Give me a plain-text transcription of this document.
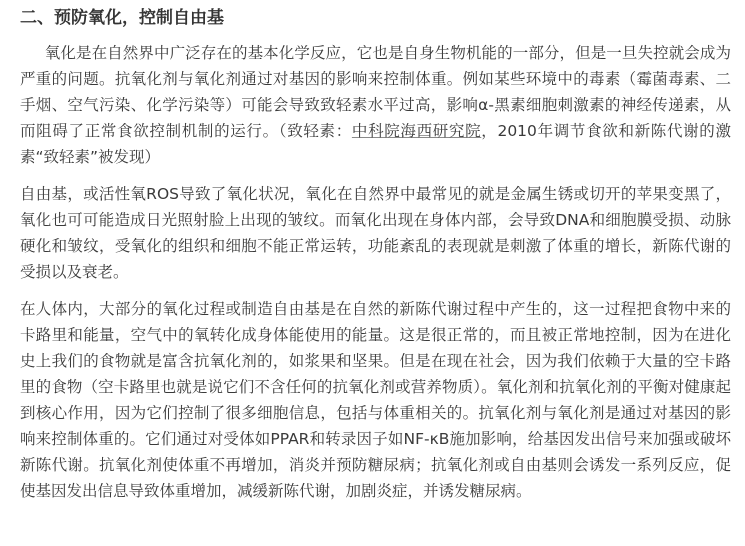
二、预防氧化，控制自由基

氧化是在自然界中广泛存在的基本化学反应，它也是自身生物机能的一部分，但是一旦失控就会成为严重的问题。抗氧化剂与氧化剂通过对基因的影响来控制体重。例如某些环境中的毒素（霉菌毒素、二手烟、空气污染、化学污染等）可能会导致致轻素水平过高，影响α-黑素细胞刺激素的神经传递素，从而阻碍了正常食欲控制机制的运行。（致轻素：中科院海西研究院，2010年调节食欲和新陈代谢的激素“致轻素”被发现）

自由基，或活性氧ROS导致了氧化状况，氧化在自然界中最常见的就是金属生锈或切开的苹果变黑了，氧化也可可能造成日光照射脸上出现的皱纹。而氧化出现在身体内部，会导致DNA和细胞膜受损、动脉硬化和皱纹，受氧化的组织和细胞不能正常运转，功能紊乱的表现就是刺激了体重的增长，新陈代谢的受损以及衰老。

在人体内，大部分的氧化过程或制造自由基是在自然的新陈代谢过程中产生的，这一过程把食物中来的卡路里和能量，空气中的氧转化成身体能使用的能量。这是很正常的，而且被正常地控制，因为在进化史上我们的食物就是富含抗氧化剂的，如浆果和坚果。但是在现在社会，因为我们依赖于大量的空卡路里的食物（空卡路里也就是说它们不含任何的抗氧化剂或营养物质）。氧化剂和抗氧化剂的平衡对健康起到核心作用，因为它们控制了很多细胞信息，包括与体重相关的。抗氧化剂与氧化剂是通过对基因的影响来控制体重的。它们通过对受体如PPAR和转录因子如NF-κB施加影响，给基因发出信号来加强或破坏新陈代谢。抗氧化剂使体重不再增加，消炎并预防糖尿病；抗氧化剂或自由基则会诱发一系列反应，促使基因发出信息导致体重增加，减缓新陈代谢，加剧炎症，并诱发糖尿病。
